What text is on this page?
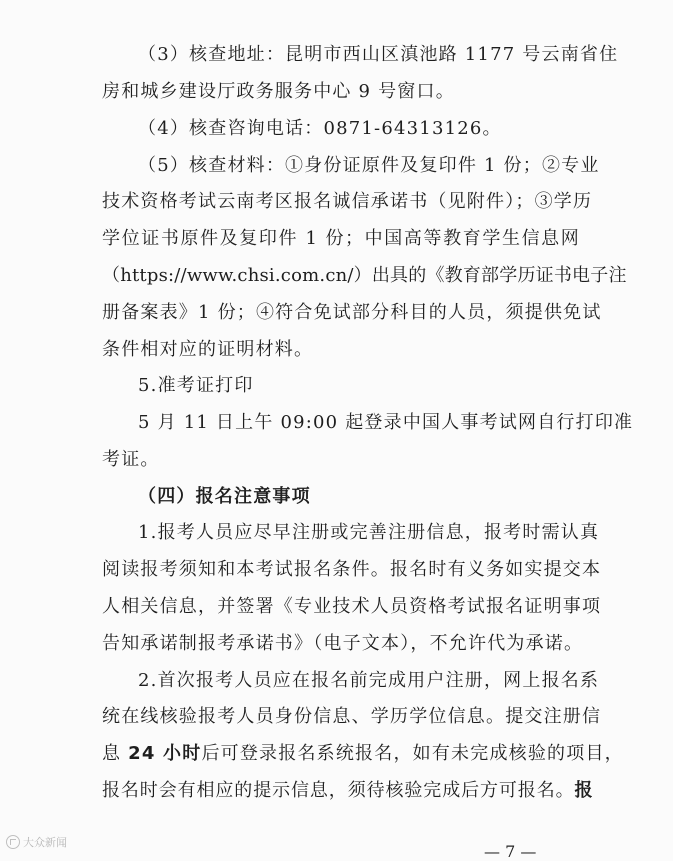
（3）核查地址：昆明市西山区滇池路 1177 号云南省住
房和城乡建设厅政务服务中心 9 号窗口。
（4）核查咨询电话：0871-64313126。
（5）核查材料：①身份证原件及复印件 1 份；②专业
技术资格考试云南考区报名诚信承诺书（见附件）；③学历
学位证书原件及复印件 1 份；中国高等教育学生信息网
（https://www.chsi.com.cn/）出具的《教育部学历证书电子注
册备案表》1 份；④符合免试部分科目的人员，须提供免试
条件相对应的证明材料。
5.准考证打印
5 月 11 日上午 09:00 起登录中国人事考试网自行打印准
考证。
（四）报名注意事项
1.报考人员应尽早注册或完善注册信息，报考时需认真
阅读报考须知和本考试报名条件。报名时有义务如实提交本
人相关信息，并签署《专业技术人员资格考试报名证明事项
告知承诺制报考承诺书》（电子文本），不允许代为承诺。
2.首次报考人员应在报名前完成用户注册，网上报名系
统在线核验报考人员身份信息、学历学位信息。提交注册信
息 24 小时后可登录报名系统报名，如有未完成核验的项目，
报名时会有相应的提示信息，须待核验完成后方可报名。报
大众新闻	— 7 —
